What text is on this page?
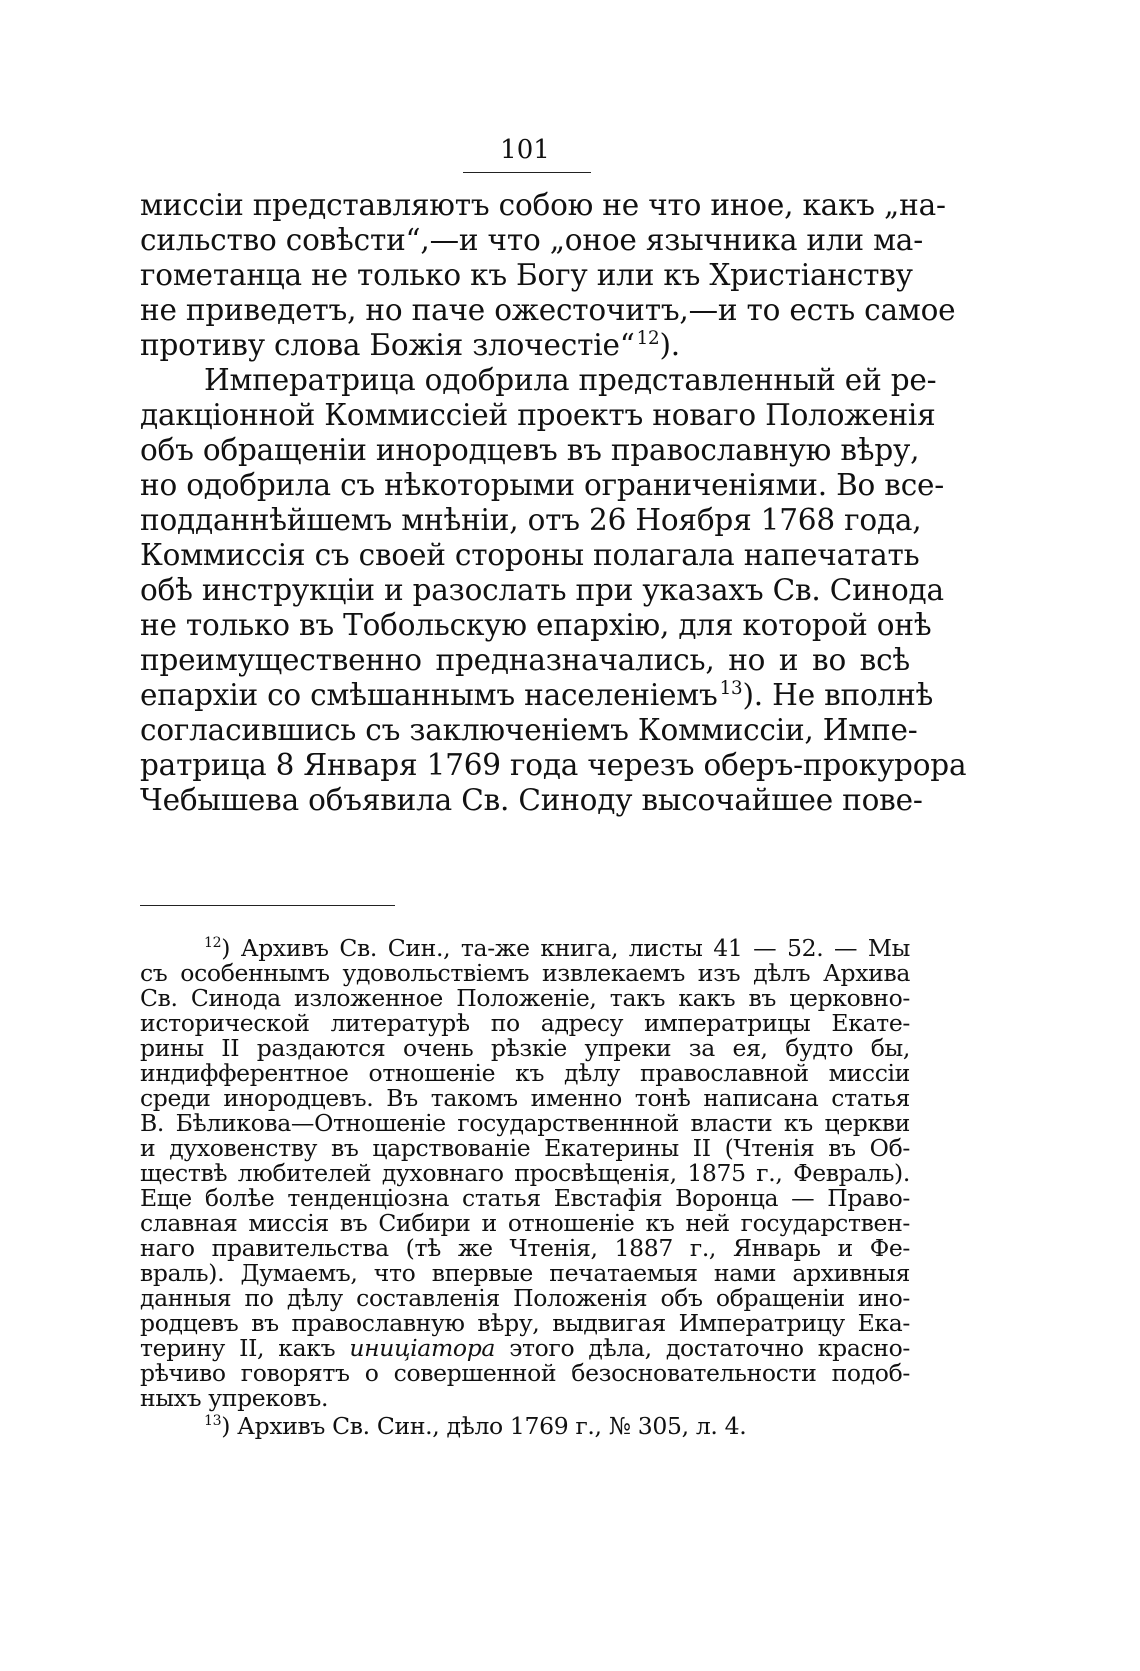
101
миссіи представляютъ собою не что иное, какъ „на-
сильство совѣсти“,—и что „оное язычника или ма-
гометанца не только къ Богу или къ Христіанству
не приведетъ, но паче ожесточитъ,—и то есть самое
противу слова Божія злочестіе“ $^{12}$).
Императрица одобрила представленный ей ре-
дакціонной Коммиссіей проектъ новаго Положенія
объ обращеніи инородцевъ въ православную вѣру,
но одобрила съ нѣкоторыми ограниченіями. Во все-
подданнѣйшемъ мнѣніи, отъ 26 Ноября 1768 года,
Коммиссія съ своей стороны полагала напечатать
обѣ инструкціи и разослать при указахъ Св. Синода
не только въ Тобольскую епархію, для которой онѣ
преимущественно предназначались, но и во всѣ
епархіи со смѣшаннымъ населеніемъ $^{13}$). Не вполнѣ
согласившись съ заключеніемъ Коммиссіи, Импе-
ратрица 8 Января 1769 года черезъ оберъ-прокурора
Чебышева объявила Св. Синоду высочайшее пове-
$^{12}$) Архивъ Св. Син., та-же книга, листы 41 — 52. — Мы
съ особеннымъ удовольствіемъ извлекаемъ изъ дѣлъ Архива
Св. Синода изложенное Положеніе, такъ какъ въ церковно-
исторической литературѣ по адресу императрицы Екате-
рины II раздаются очень рѣзкіе упреки за ея, будто бы,
индифферентное отношеніе къ дѣлу православной миссіи
среди инородцевъ. Въ такомъ именно тонѣ написана статья
В. Бѣликова—Отношеніе государственнной власти къ церкви
и духовенству въ царствованіе Екатерины II (Чтенія въ Об-
ществѣ любителей духовнаго просвѣщенія, 1875 г., Февраль).
Еще болѣе тенденціозна статья Евстафія Воронца — Право-
славная миссія въ Сибири и отношеніе къ ней государствен-
наго правительства (тѣ же Чтенія, 1887 г., Январь и Фе-
враль). Думаемъ, что впервые печатаемыя нами архивныя
данныя по дѣлу составленія Положенія объ обращеніи ино-
родцевъ въ православную вѣру, выдвигая Императрицу Ека-
терину II, какъ иниціатора этого дѣла, достаточно красно-
рѣчиво говорятъ о совершенной безосновательности подоб-
ныхъ упрековъ.
$^{13}$) Архивъ Св. Син., дѣло 1769 г., № 305, л. 4.
